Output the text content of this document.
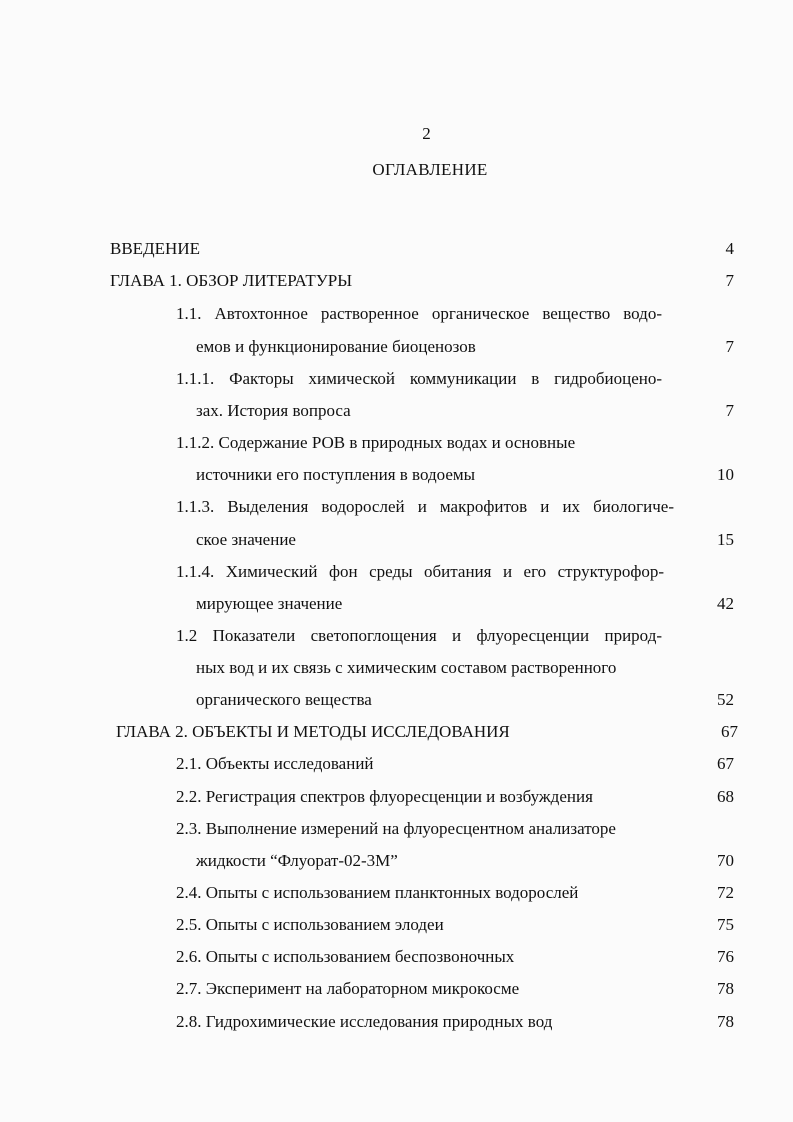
2
ОГЛАВЛЕНИЕ
ВВЕДЕНИЕ	4
ГЛАВА 1. ОБЗОР ЛИТЕРАТУРЫ	7
1.1. Автохтонное растворенное органическое вещество водо-
емов и функционирование биоценозов	7
1.1.1. Факторы химической коммуникации в гидробиоцено-
зах. История вопроса	7
1.1.2. Содержание РОВ в природных водах и основные
источники его поступления в водоемы	10
1.1.3. Выделения водорослей и макрофитов и их биологиче-
ское значение	15
1.1.4. Химический фон среды обитания и его структурофор-
мирующее значение	42
1.2 Показатели светопоглощения и флуоресценции природ-
ных вод и их связь с химическим составом растворенного
органического вещества	52
ГЛАВА 2. ОБЪЕКТЫ И МЕТОДЫ ИССЛЕДОВАНИЯ	67
2.1. Объекты исследований	67
2.2. Регистрация спектров флуоресценции и возбуждения	68
2.3. Выполнение измерений на флуоресцентном анализаторе
жидкости “Флуорат-02-3М”	70
2.4. Опыты с использованием планктонных водорослей	72
2.5. Опыты с использованием элодеи	75
2.6. Опыты с использованием беспозвоночных	76
2.7. Эксперимент на лабораторном микрокосме	78
2.8. Гидрохимические исследования природных вод	78
